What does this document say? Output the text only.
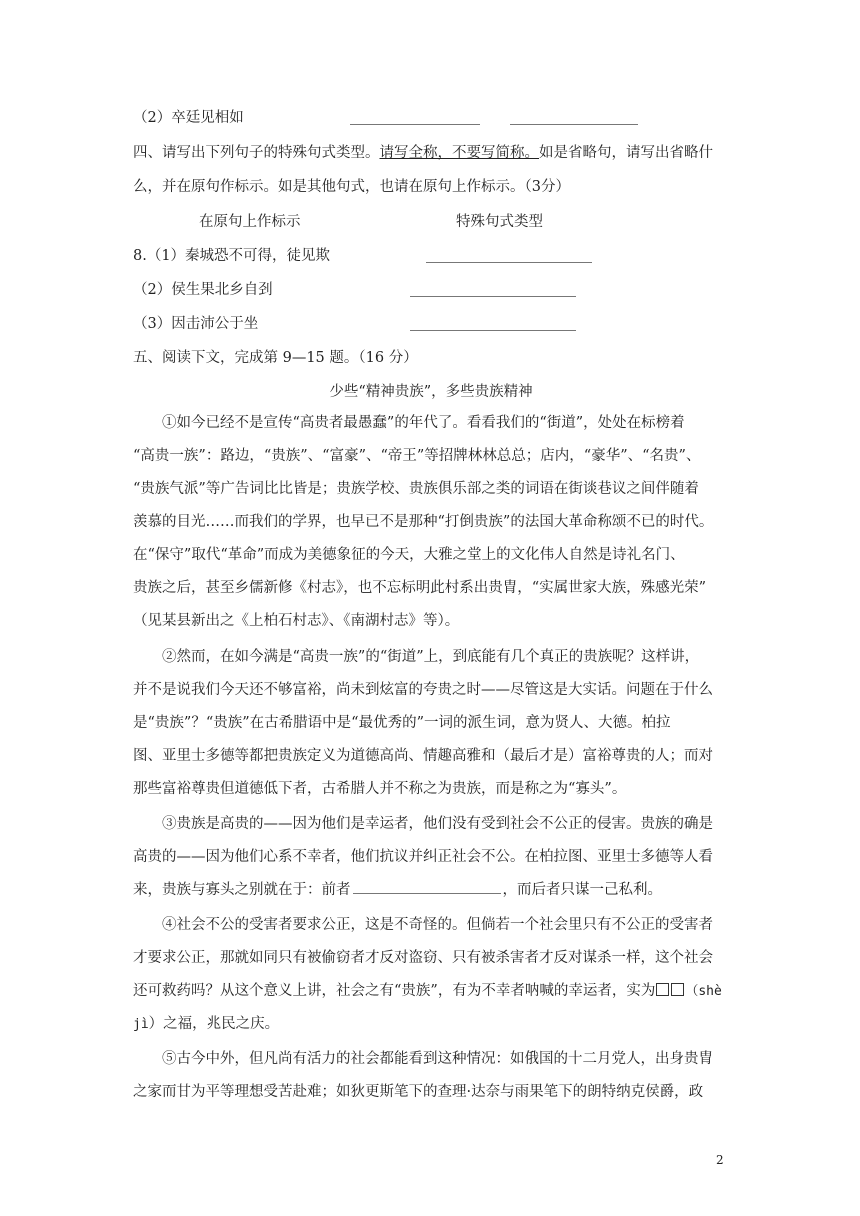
（2）卒廷见相如
四、请写出下列句子的特殊句式类型。请写全称，不要写简称。如是省略句，请写出省略什
么，并在原句作标示。如是其他句式，也请在原句上作标示。（3分）
在原句上作标示	特殊句式类型
8.（1）秦城恐不可得，徒见欺
（2）侯生果北乡自刭
（3）因击沛公于坐
五、阅读下文，完成第 9—15 题。（16 分）
少些“精神贵族”，多些贵族精神
①如今已经不是宣传“高贵者最愚蠢”的年代了。看看我们的“街道”，处处在标榜着
“高贵一族”：路边，“贵族”、“富豪”、“帝王”等招牌林林总总；店内，“豪华”、“名贵”、
“贵族气派”等广告词比比皆是；贵族学校、贵族俱乐部之类的词语在街谈巷议之间伴随着
羡慕的目光……而我们的学界，也早已不是那种“打倒贵族”的法国大革命称颂不已的时代。
在“保守”取代“革命”而成为美德象征的今天，大雅之堂上的文化伟人自然是诗礼名门、
贵族之后，甚至乡儒新修《村志》，也不忘标明此村系出贵胄，“实属世家大族，殊感光荣”
（见某县新出之《上柏石村志》、《南湖村志》等）。
②然而，在如今满是“高贵一族”的“街道”上，到底能有几个真正的贵族呢？这样讲，
并不是说我们今天还不够富裕，尚未到炫富的夸贵之时——尽管这是大实话。问题在于什么
是“贵族”？“贵族”在古希腊语中是“最优秀的”一词的派生词，意为贤人、大德。柏拉
图、亚里士多德等都把贵族定义为道德高尚、情趣高雅和（最后才是）富裕尊贵的人；而对
那些富裕尊贵但道德低下者，古希腊人并不称之为贵族，而是称之为“寡头”。
③贵族是高贵的——因为他们是幸运者，他们没有受到社会不公正的侵害。贵族的确是
高贵的——因为他们心系不幸者，他们抗议并纠正社会不公。在柏拉图、亚里士多德等人看
来，贵族与寡头之别就在于：前者	，而后者只谋一己私利。
④社会不公的受害者要求公正，这是不奇怪的。但倘若一个社会里只有不公正的受害者
才要求公正，那就如同只有被偷窃者才反对盗窃、只有被杀害者才反对谋杀一样，这个社会
还可救药吗？从这个意义上讲，社会之有“贵族”，有为不幸者呐喊的幸运者，实为 （shè
jì）之福，兆民之庆。
⑤古今中外，但凡尚有活力的社会都能看到这种情况：如俄国的十二月党人，出身贵胄
之家而甘为平等理想受苦赴难；如狄更斯笔下的查理·达奈与雨果笔下的朗特纳克侯爵，政
2
